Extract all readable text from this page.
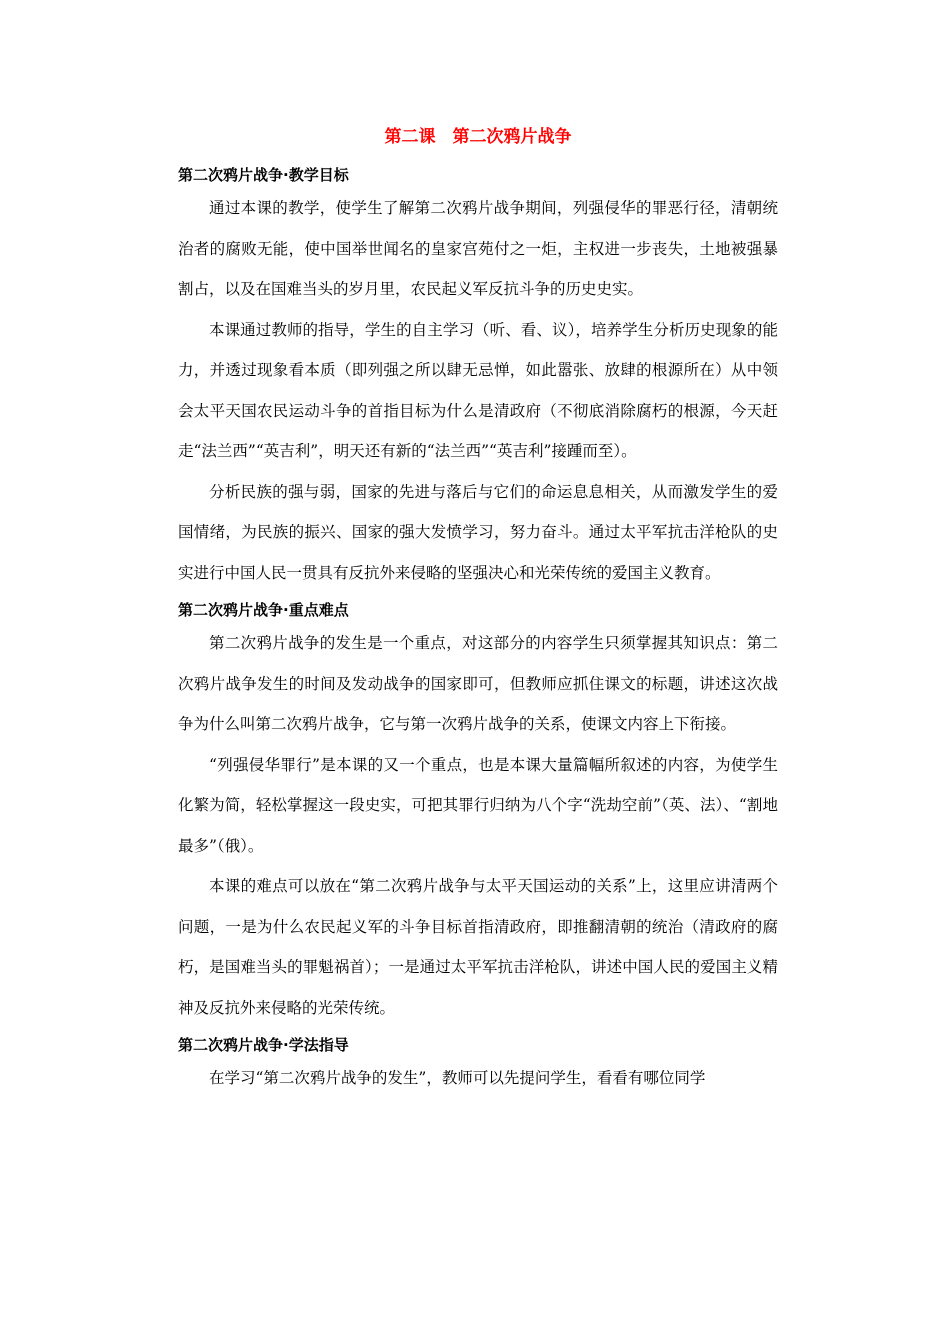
第二课　第二次鸦片战争
第二次鸦片战争·教学目标

通过本课的教学，使学生了解第二次鸦片战争期间，列强侵华的罪恶行径，清朝统治者的腐败无能，使中国举世闻名的皇家宫苑付之一炬，主权进一步丧失，土地被强暴割占，以及在国难当头的岁月里，农民起义军反抗斗争的历史史实。

本课通过教师的指导，学生的自主学习（听、看、议），培养学生分析历史现象的能力，并透过现象看本质（即列强之所以肆无忌惮，如此嚣张、放肆的根源所在）从中领会太平天国农民运动斗争的首指目标为什么是清政府（不彻底消除腐朽的根源，今天赶走“法兰西”“英吉利”，明天还有新的“法兰西”“英吉利”接踵而至）。

分析民族的强与弱，国家的先进与落后与它们的命运息息相关，从而激发学生的爱国情绪，为民族的振兴、国家的强大发愤学习，努力奋斗。通过太平军抗击洋枪队的史实进行中国人民一贯具有反抗外来侵略的坚强决心和光荣传统的爱国主义教育。

第二次鸦片战争·重点难点

第二次鸦片战争的发生是一个重点，对这部分的内容学生只须掌握其知识点：第二次鸦片战争发生的时间及发动战争的国家即可，但教师应抓住课文的标题，讲述这次战争为什么叫第二次鸦片战争，它与第一次鸦片战争的关系，使课文内容上下衔接。

“列强侵华罪行”是本课的又一个重点，也是本课大量篇幅所叙述的内容，为使学生化繁为简，轻松掌握这一段史实，可把其罪行归纳为八个字“洗劫空前”（英、法）、“割地最多”（俄）。

本课的难点可以放在“第二次鸦片战争与太平天国运动的关系”上，这里应讲清两个问题，一是为什么农民起义军的斗争目标首指清政府，即推翻清朝的统治（清政府的腐朽，是国难当头的罪魁祸首）；一是通过太平军抗击洋枪队，讲述中国人民的爱国主义精神及反抗外来侵略的光荣传统。

第二次鸦片战争·学法指导

在学习“第二次鸦片战争的发生”，教师可以先提问学生，看看有哪位同学
